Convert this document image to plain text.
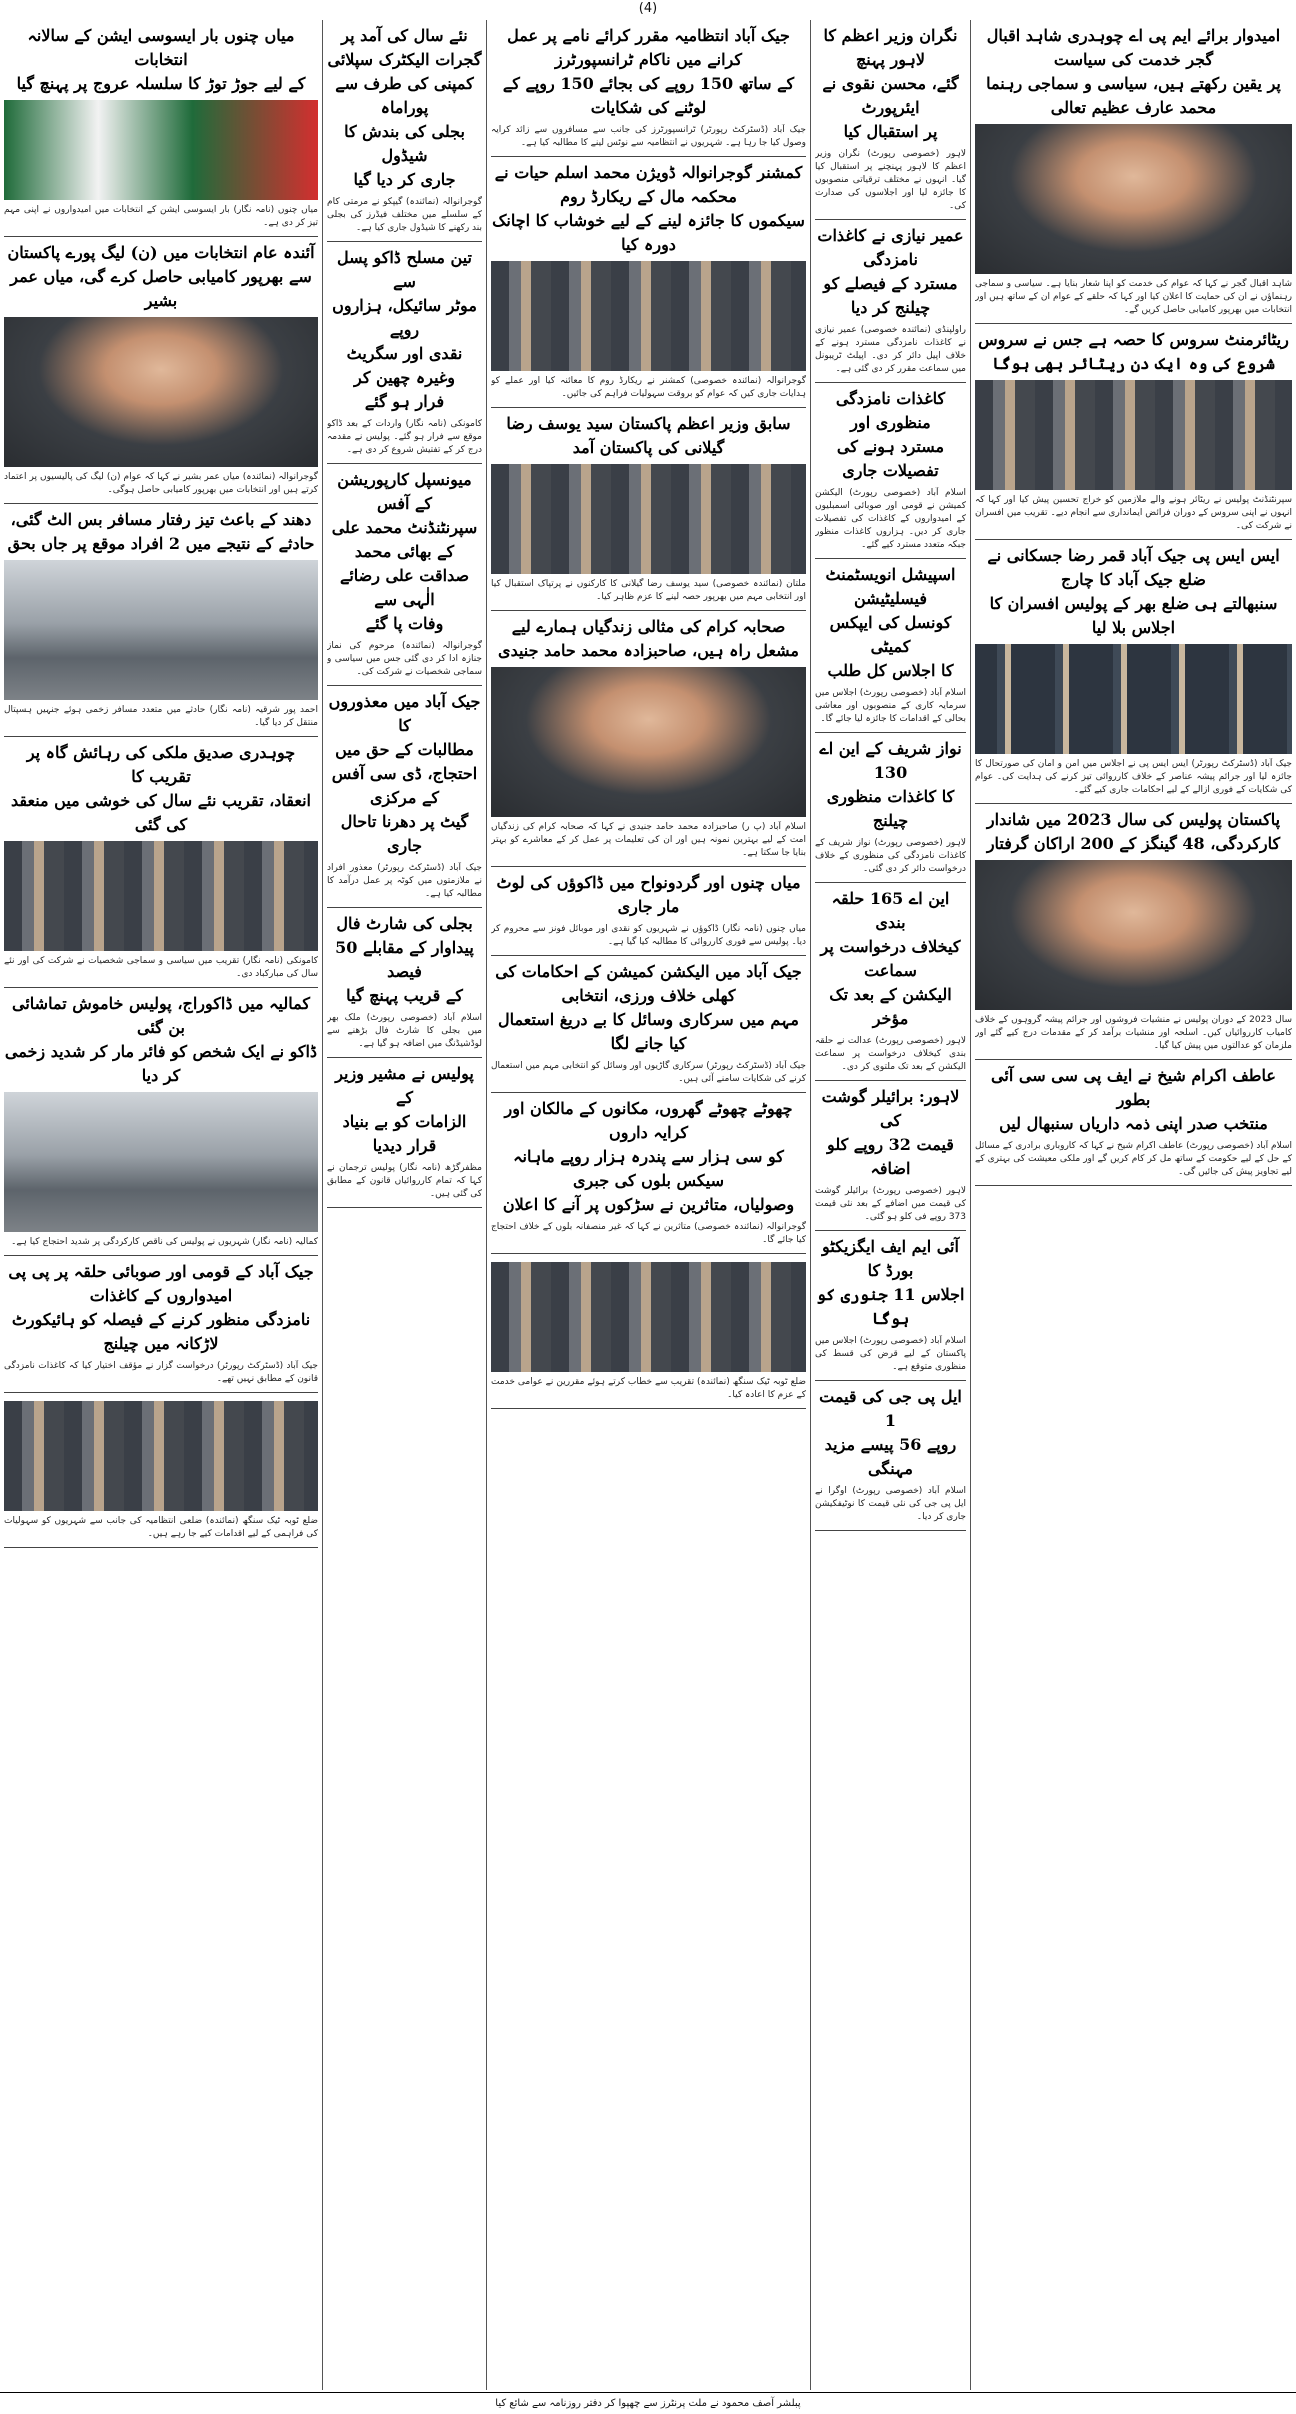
(4)
امیدوار برائے ایم پی اے چوہدری شاہد اقبال گجر خدمت کی سیاست
پر یقین رکھتے ہیں، سیاسی و سماجی رہنما محمد عارف عظیم تعالی
شاہد اقبال گجر نے کہا کہ عوام کی خدمت کو اپنا شعار بنایا ہے۔ سیاسی و سماجی رہنماؤں نے ان کی حمایت کا اعلان کیا اور کہا کہ حلقے کے عوام ان کے ساتھ ہیں اور انتخابات میں بھرپور کامیابی حاصل کریں گے۔
ریٹائرمنٹ سروس کا حصہ ہے جس نے سروس
شروع کی وہ ایک دن ریٹائر بھی ہوگا
سپرنٹنڈنٹ پولیس نے ریٹائر ہونے والے ملازمین کو خراج تحسین پیش کیا اور کہا کہ انہوں نے اپنی سروس کے دوران فرائض ایمانداری سے انجام دیے۔ تقریب میں افسران نے شرکت کی۔
ایس ایس پی جیک آباد قمر رضا جسکانی نے ضلع جیک آباد کا چارج
سنبھالتے ہی ضلع بھر کے پولیس افسران کا اجلاس بلا لیا
جیک آباد (ڈسٹرکٹ رپورٹر) ایس ایس پی نے اجلاس میں امن و امان کی صورتحال کا جائزہ لیا اور جرائم پیشہ عناصر کے خلاف کارروائی تیز کرنے کی ہدایت کی۔ عوام کی شکایات کے فوری ازالے کے لیے احکامات جاری کیے گئے۔
پاکستان پولیس کی سال 2023 میں شاندار
کارکردگی، 48 گینگز کے 200 اراکان گرفتار
سال 2023 کے دوران پولیس نے منشیات فروشوں اور جرائم پیشہ گروہوں کے خلاف کامیاب کارروائیاں کیں۔ اسلحہ اور منشیات برآمد کر کے مقدمات درج کیے گئے اور ملزمان کو عدالتوں میں پیش کیا گیا۔
عاطف اکرام شیخ نے ایف پی سی سی آئی بطور
منتخب صدر اپنی ذمہ داریاں سنبھال لیں
اسلام آباد (خصوصی رپورٹ) عاطف اکرام شیخ نے کہا کہ کاروباری برادری کے مسائل کے حل کے لیے حکومت کے ساتھ مل کر کام کریں گے اور ملکی معیشت کی بہتری کے لیے تجاویز پیش کی جائیں گی۔
نگران وزیر اعظم کا لاہور پہنچ
گئے، محسن نقوی نے ایئرپورٹ
پر استقبال کیا
لاہور (خصوصی رپورٹ) نگران وزیر اعظم کا لاہور پہنچنے پر استقبال کیا گیا۔ انہوں نے مختلف ترقیاتی منصوبوں کا جائزہ لیا اور اجلاسوں کی صدارت کی۔
عمیر نیازی نے کاغذات نامزدگی
مسترد کے فیصلے کو چیلنج کر دیا
راولپنڈی (نمائندہ خصوصی) عمیر نیازی نے کاغذات نامزدگی مسترد ہونے کے خلاف اپیل دائر کر دی۔ اپیلٹ ٹریبونل میں سماعت مقرر کر دی گئی ہے۔
کاغذات نامزدگی منظوری اور
مسترد ہونے کی تفصیلات جاری
اسلام آباد (خصوصی رپورٹ) الیکشن کمیشن نے قومی اور صوبائی اسمبلیوں کے امیدواروں کے کاغذات کی تفصیلات جاری کر دیں۔ ہزاروں کاغذات منظور جبکہ متعدد مسترد کیے گئے۔
اسپیشل انویسٹمنٹ فیسلیٹیشن
کونسل کی ایپکس کمیٹی
کا اجلاس کل طلب
اسلام آباد (خصوصی رپورٹ) اجلاس میں سرمایہ کاری کے منصوبوں اور معاشی بحالی کے اقدامات کا جائزہ لیا جائے گا۔
نواز شریف کے این اے 130
کا کاغذات منظوری چیلنج
لاہور (خصوصی رپورٹ) نواز شریف کے کاغذات نامزدگی کی منظوری کے خلاف درخواست دائر کر دی گئی۔
این اے 165 حلقہ بندی
کیخلاف درخواست پر سماعت
الیکشن کے بعد تک مؤخر
لاہور (خصوصی رپورٹ) عدالت نے حلقہ بندی کیخلاف درخواست پر سماعت الیکشن کے بعد تک ملتوی کر دی۔
لاہور: برائیلر گوشت کی
قیمت 32 روپے کلو اضافہ
لاہور (خصوصی رپورٹ) برائیلر گوشت کی قیمت میں اضافے کے بعد نئی قیمت 373 روپے فی کلو ہو گئی۔
آئی ایم ایف ایگزیکٹو بورڈ کا
اجلاس 11 جنوری کو ہوگا
اسلام آباد (خصوصی رپورٹ) اجلاس میں پاکستان کے لیے قرض کی قسط کی منظوری متوقع ہے۔
ایل پی جی کی قیمت 1
روپے 56 پیسے مزید مہنگی
اسلام آباد (خصوصی رپورٹ) اوگرا نے ایل پی جی کی نئی قیمت کا نوٹیفکیشن جاری کر دیا۔
جیک آباد انتظامیہ مقرر کرائے نامے پر عمل کرانے میں ناکام ٹرانسپورٹرز
کے ساتھ 150 روپے کی بجائے 150 روپے کے لوٹنے کی شکایات
جیک آباد (ڈسٹرکٹ رپورٹر) ٹرانسپورٹرز کی جانب سے مسافروں سے زائد کرایہ وصول کیا جا رہا ہے۔ شہریوں نے انتظامیہ سے نوٹس لینے کا مطالبہ کیا ہے۔
کمشنر گوجرانوالہ ڈویژن محمد اسلم حیات نے محکمہ مال کے ریکارڈ روم
سیکموں کا جائزہ لینے کے لیے خوشاب کا اچانک دورہ کیا
گوجرانوالہ (نمائندہ خصوصی) کمشنر نے ریکارڈ روم کا معائنہ کیا اور عملے کو ہدایات جاری کیں کہ عوام کو بروقت سہولیات فراہم کی جائیں۔
سابق وزیر اعظم پاکستان سید یوسف رضا گیلانی کی پاکستان آمد
ملتان (نمائندہ خصوصی) سید یوسف رضا گیلانی کا کارکنوں نے پرتپاک استقبال کیا اور انتخابی مہم میں بھرپور حصہ لینے کا عزم ظاہر کیا۔
صحابہ کرام کی مثالی زندگیاں ہمارے لیے
مشعل راہ ہیں، صاحبزادہ محمد حامد جنیدی
اسلام آباد (پ ر) صاحبزادہ محمد حامد جنیدی نے کہا کہ صحابہ کرام کی زندگیاں امت کے لیے بہترین نمونہ ہیں اور ان کی تعلیمات پر عمل کر کے معاشرے کو بہتر بنایا جا سکتا ہے۔
میاں چنوں اور گردونواح میں ڈاکوؤں کی لوٹ مار جاری
میاں چنوں (نامہ نگار) ڈاکوؤں نے شہریوں کو نقدی اور موبائل فونز سے محروم کر دیا۔ پولیس سے فوری کارروائی کا مطالبہ کیا گیا ہے۔
جیک آباد میں الیکشن کمیشن کے احکامات کی کھلی خلاف ورزی، انتخابی
مہم میں سرکاری وسائل کا بے دریغ استعمال کیا جانے لگا
جیک آباد (ڈسٹرکٹ رپورٹر) سرکاری گاڑیوں اور وسائل کو انتخابی مہم میں استعمال کرنے کی شکایات سامنے آئی ہیں۔
چھوٹے چھوٹے گھروں، مکانوں کے مالکان اور کرایہ داروں
کو سی ہزار سے پندرہ ہزار روپے ماہانہ سیکس بلوں کی جبری
وصولیاں، متاثرین نے سڑکوں پر آنے کا اعلان
گوجرانوالہ (نمائندہ خصوصی) متاثرین نے کہا کہ غیر منصفانہ بلوں کے خلاف احتجاج کیا جائے گا۔
ضلع ٹوبہ ٹیک سنگھ (نمائندہ) تقریب سے خطاب کرتے ہوئے مقررین نے عوامی خدمت کے عزم کا اعادہ کیا۔
نئے سال کی آمد پر گجرات الیکٹرک سپلائی
کمپنی کی طرف سے پوراماہ
بجلی کی بندش کا شیڈول
جاری کر دیا گیا
گوجرانوالہ (نمائندہ) گیپکو نے مرمتی کام کے سلسلے میں مختلف فیڈرز کی بجلی بند رکھنے کا شیڈول جاری کیا ہے۔
تین مسلح ڈاکو پسل سے
موٹر سائیکل، ہزاروں روپے
نقدی اور سگریٹ وغیرہ چھین کر
فرار ہو گئے
کامونکی (نامہ نگار) واردات کے بعد ڈاکو موقع سے فرار ہو گئے۔ پولیس نے مقدمہ درج کر کے تفتیش شروع کر دی ہے۔
میونسپل کارپوریشن کے آفس
سپرنٹنڈنٹ محمد علی کے بھائی محمد
صداقت علی رضائے الٰہی سے
وفات پا گئے
گوجرانوالہ (نمائندہ) مرحوم کی نماز جنازہ ادا کر دی گئی جس میں سیاسی و سماجی شخصیات نے شرکت کی۔
جیک آباد میں معذوروں کا
مطالبات کے حق میں
احتجاج، ڈی سی آفس کے مرکزی
گیٹ پر دھرنا تاحال جاری
جیک آباد (ڈسٹرکٹ رپورٹر) معذور افراد نے ملازمتوں میں کوٹہ پر عمل درآمد کا مطالبہ کیا ہے۔
بجلی کی شارٹ فال
پیداوار کے مقابلے 50 فیصد
کے قریب پہنچ گیا
اسلام آباد (خصوصی رپورٹ) ملک بھر میں بجلی کا شارٹ فال بڑھنے سے لوڈشیڈنگ میں اضافہ ہو گیا ہے۔
پولیس نے مشیر وزیر کے
الزامات کو بے بنیاد قرار دیدیا
مظفرگڑھ (نامہ نگار) پولیس ترجمان نے کہا کہ تمام کارروائیاں قانون کے مطابق کی گئی ہیں۔
میاں چنوں بار ایسوسی ایشن کے سالانہ انتخابات
کے لیے جوڑ توڑ کا سلسلہ عروج پر پہنچ گیا
میاں چنوں (نامہ نگار) بار ایسوسی ایشن کے انتخابات میں امیدواروں نے اپنی مہم تیز کر دی ہے۔
آئندہ عام انتخابات میں (ن) لیگ پورے پاکستان
سے بھرپور کامیابی حاصل کرے گی، میاں عمر بشیر
گوجرانوالہ (نمائندہ) میاں عمر بشیر نے کہا کہ عوام (ن) لیگ کی پالیسیوں پر اعتماد کرتے ہیں اور انتخابات میں بھرپور کامیابی حاصل ہوگی۔
دھند کے باعث تیز رفتار مسافر بس الٹ گئی،
حادثے کے نتیجے میں 2 افراد موقع پر جاں بحق
احمد پور شرقیہ (نامہ نگار) حادثے میں متعدد مسافر زخمی ہوئے جنہیں ہسپتال منتقل کر دیا گیا۔
چوہدری صدیق ملکی کی رہائش گاہ پر تقریب کا
انعقاد، تقریب نئے سال کی خوشی میں منعقد کی گئی
کامونکی (نامہ نگار) تقریب میں سیاسی و سماجی شخصیات نے شرکت کی اور نئے سال کی مبارکباد دی۔
کمالیہ میں ڈاکوراج، پولیس خاموش تماشائی بن گئی
ڈاکو نے ایک شخص کو فائر مار کر شدید زخمی کر دیا
کمالیہ (نامہ نگار) شہریوں نے پولیس کی ناقص کارکردگی پر شدید احتجاج کیا ہے۔
جیک آباد کے قومی اور صوبائی حلقہ پر پی پی امیدواروں کے کاغذات
نامزدگی منظور کرنے کے فیصلہ کو ہائیکورٹ لاڑکانہ میں چیلنج
جیک آباد (ڈسٹرکٹ رپورٹر) درخواست گزار نے مؤقف اختیار کیا کہ کاغذات نامزدگی قانون کے مطابق نہیں تھے۔
ضلع ٹوبہ ٹیک سنگھ (نمائندہ) ضلعی انتظامیہ کی جانب سے شہریوں کو سہولیات کی فراہمی کے لیے اقدامات کیے جا رہے ہیں۔
پبلشر آصف محمود نے ملت پرنٹرز سے چھپوا کر دفتر روزنامہ سے شائع کیا
